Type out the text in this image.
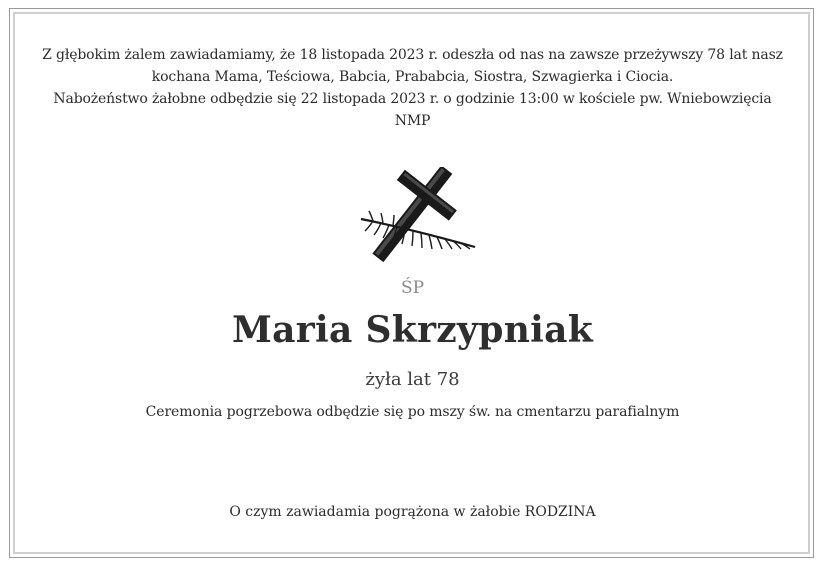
Z głębokim żalem zawiadamiamy, że 18 listopada 2023 r. odeszła od nas na zawsze przeżywszy 78 lat nasz
kochana Mama, Teściowa, Babcia, Prababcia, Siostra, Szwagierka i Ciocia.
Nabożeństwo żałobne odbędzie się 22 listopada 2023 r. o godzinie 13:00 w kościele pw. Wniebowzięcia
NMP
ŚP
Maria Skrzypniak
żyła lat 78
Ceremonia pogrzebowa odbędzie się po mszy św. na cmentarzu parafialnym
O czym zawiadamia pogrążona w żałobie RODZINA
